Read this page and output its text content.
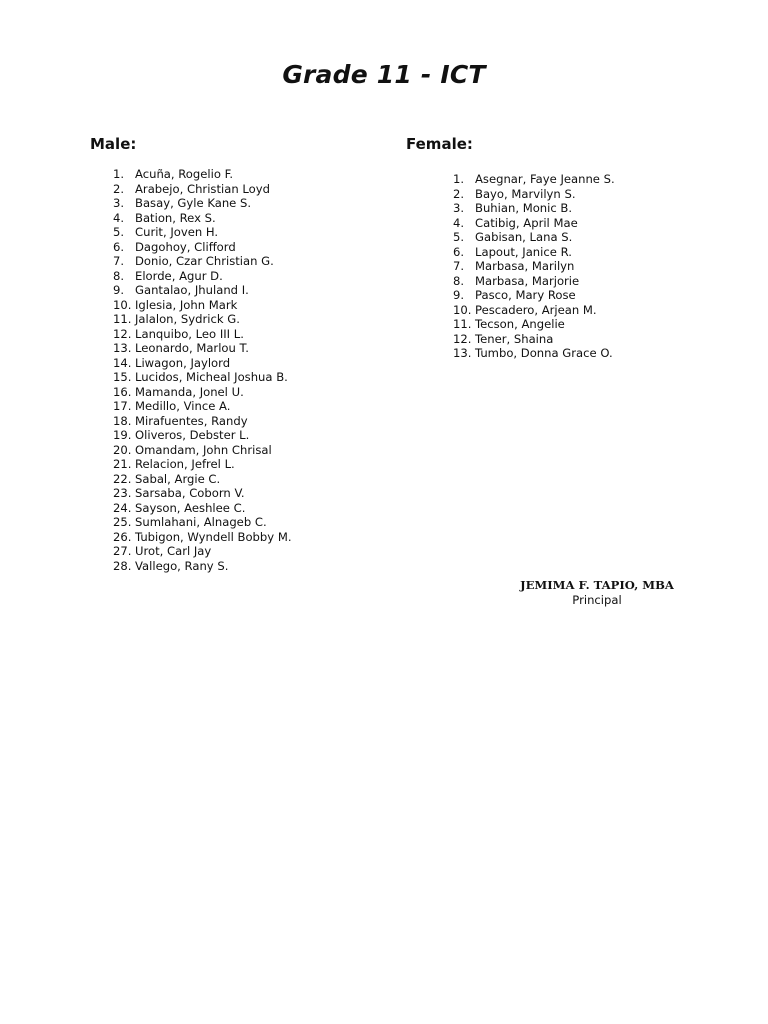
Grade 11 - ICT
Male:	Female:
1. Acuña, Rogelio F.
2. Arabejo, Christian Loyd
3. Basay, Gyle Kane S.
4. Bation, Rex S.
5. Curit, Joven H.
6. Dagohoy, Clifford
7. Donio, Czar Christian G.
8. Elorde, Agur D.
9. Gantalao, Jhuland I.
10. Iglesia, John Mark
11. Jalalon, Sydrick G.
12. Lanquibo, Leo III L.
13. Leonardo, Marlou T.
14. Liwagon, Jaylord
15. Lucidos, Micheal Joshua B.
16. Mamanda, Jonel U.
17. Medillo, Vince A.
18. Mirafuentes, Randy
19. Oliveros, Debster L.
20. Omandam, John Chrisal
21. Relacion, Jefrel L.
22. Sabal, Argie C.
23. Sarsaba, Coborn V.
24. Sayson, Aeshlee C.
25. Sumlahani, Alnageb C.
26. Tubigon, Wyndell Bobby M.
27. Urot, Carl Jay
28. Vallego, Rany S.
1. Asegnar, Faye Jeanne S.
2. Bayo, Marvilyn S.
3. Buhian, Monic B.
4. Catibig, April Mae
5. Gabisan, Lana S.
6. Lapout, Janice R.
7. Marbasa, Marilyn
8. Marbasa, Marjorie
9. Pasco, Mary Rose
10. Pescadero, Arjean M.
11. Tecson, Angelie
12. Tener, Shaina
13. Tumbo, Donna Grace O.
JEMIMA F. TAPIO, MBA
Principal
